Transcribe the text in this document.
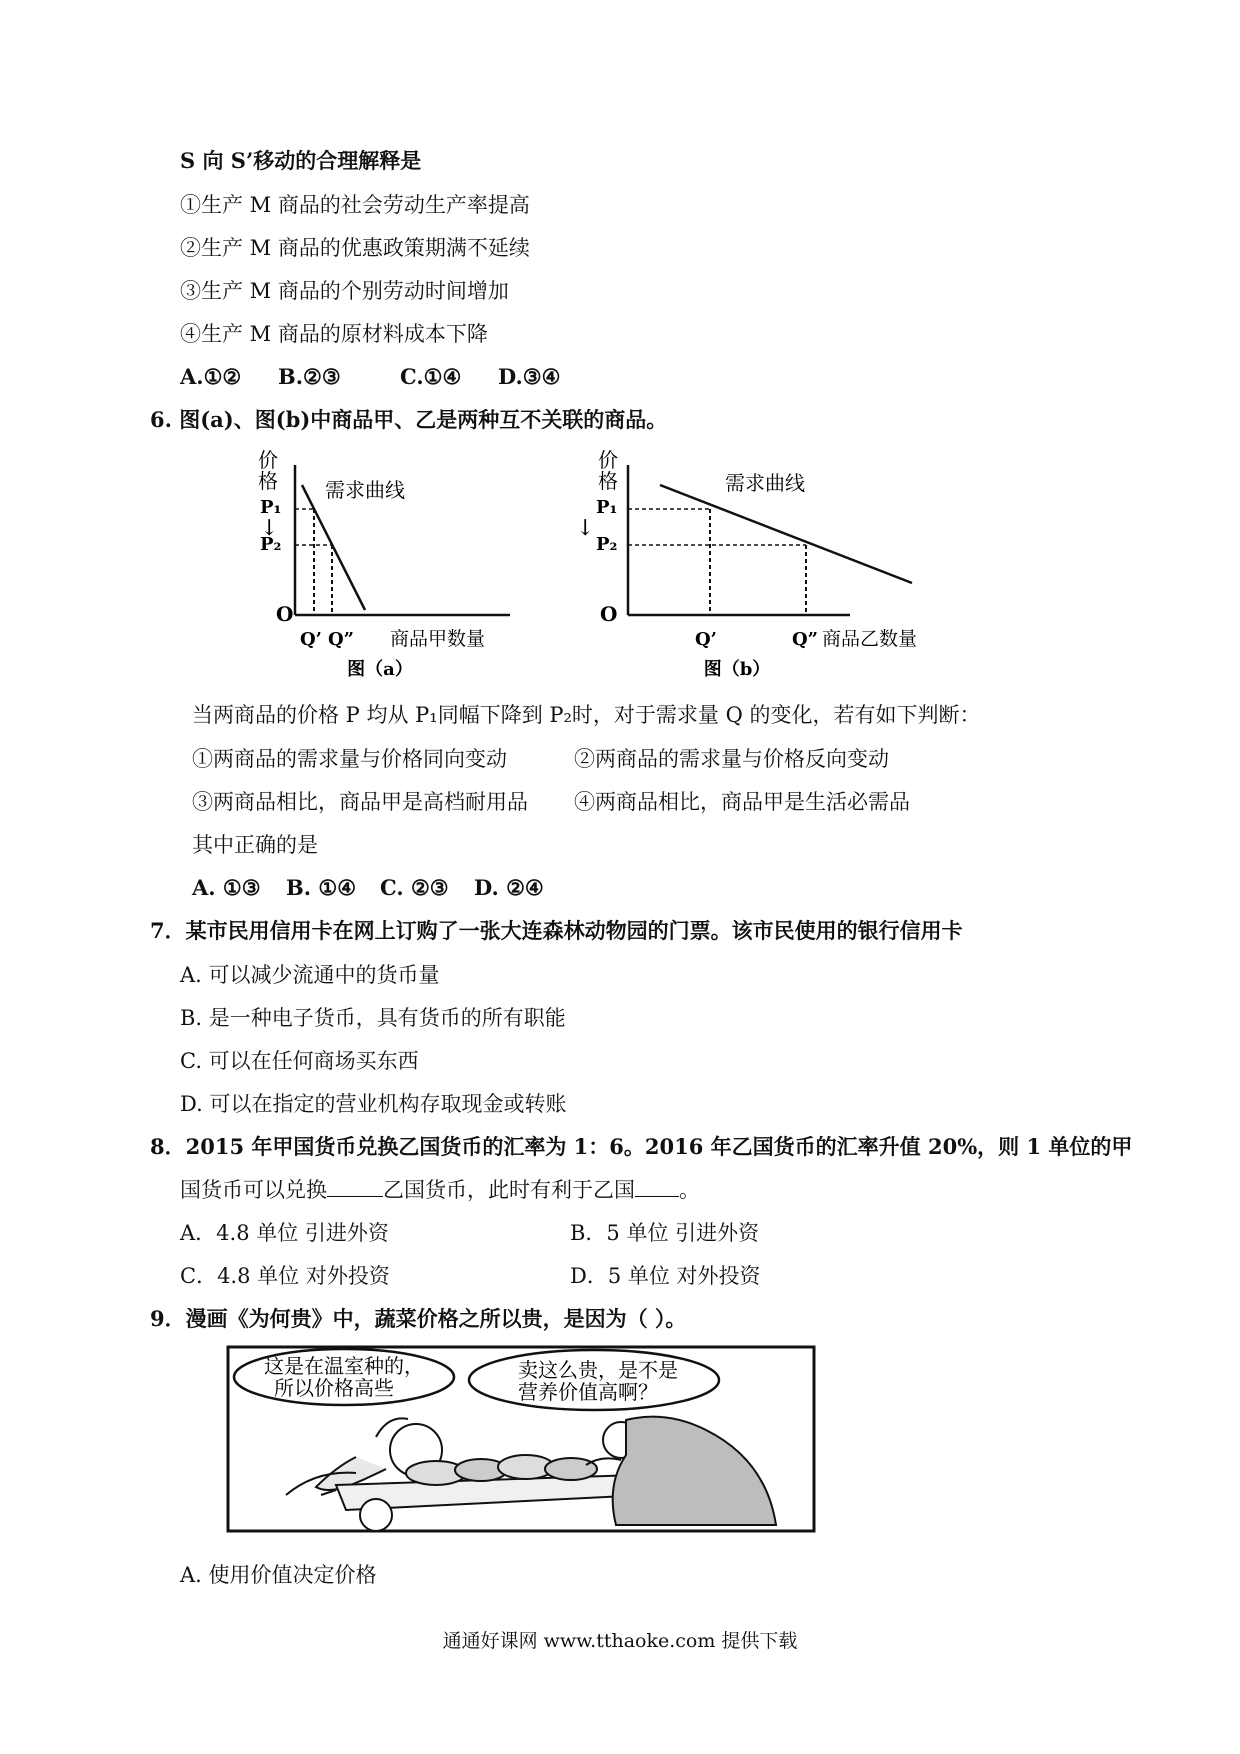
S 向 S’移动的合理解释是
①生产 M 商品的社会劳动生产率提高
②生产 M 商品的优惠政策期满不延续
③生产 M 商品的个别劳动时间增加
④生产 M 商品的原材料成本下降
A.①② B.②③	C.①④ D.③④
6. 图(a)、图(b)中商品甲、乙是两种互不关联的商品。
价
格
↓
P₁
P₂
O
需求曲线
Q’ Q” 商品甲数量
图（a）
价
格
↓
P₁
P₂
O
需求曲线
Q’	Q” 商品乙数量
图（b）
当两商品的价格 P 均从 P₁同幅下降到 P₂时，对于需求量 Q 的变化，若有如下判断：
①两商品的需求量与价格同向变动	②两商品的需求量与价格反向变动
③两商品相比，商品甲是高档耐用品 ④两商品相比，商品甲是生活必需品
其中正确的是
A. ①③ B. ①④ C. ②③ D. ②④
7．某市民用信用卡在网上订购了一张大连森林动物园的门票。该市民使用的银行信用卡
A. 可以减少流通中的货币量
B. 是一种电子货币，具有货币的所有职能
C. 可以在任何商场买东西
D. 可以在指定的营业机构存取现金或转账
8．2015 年甲国货币兑换乙国货币的汇率为 1：6。2016 年乙国货币的汇率升值 20%，则 1 单位的甲
国货币可以兑换	乙国货币，此时有利于乙国 。
A．4.8 单位 引进外资	B．5 单位 引进外资
C．4.8 单位 对外投资	D．5 单位 对外投资
9．漫画《为何贵》中，蔬菜价格之所以贵，是因为（ ）。
这是在温室种的，
所以价格高些
卖这么贵，是不是
营养价值高啊？
A. 使用价值决定价格
通通好课网 www.tthaoke.com 提供下载
